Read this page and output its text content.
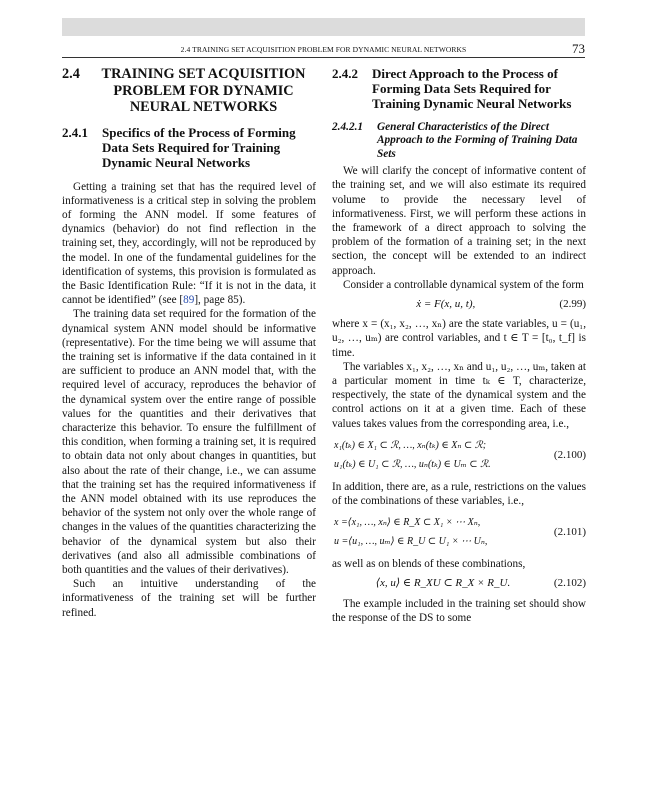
2.4 TRAINING SET ACQUISITION PROBLEM FOR DYNAMIC NEURAL NETWORKS	73
2.4	TRAINING SET ACQUISITION PROBLEM FOR DYNAMIC NEURAL NETWORKS
2.4.1	Specifics of the Process of Forming Data Sets Required for Training Dynamic Neural Networks

Getting a training set that has the required level of informativeness is a critical step in solving the problem of forming the ANN model. If some features of dynamics (behavior) do not find reflection in the training set, they, accordingly, will not be reproduced by the model. In one of the fundamental guidelines for the identification of systems, this provision is formulated as the Basic Identification Rule: “If it is not in the data, it cannot be identified” (see [89], page 85).

The training data set required for the formation of the dynamical system ANN model should be informative (representative). For the time being we will assume that the training set is informative if the data contained in it are sufficient to produce an ANN model that, with the required level of accuracy, reproduces the behavior of the dynamical system over the entire range of possible values for the quantities and their derivatives that characterize this behavior. To ensure the fulfillment of this condition, when forming a training set, it is required to obtain data not only about changes in quantities, but also about the rate of their change, i.e., we can assume that the training set has the required informativeness if the ANN model obtained with its use reproduces the behavior of the system not only over the whole range of changes in the values of the quantities characterizing the behavior of the dynamical system but also their derivatives (and also all admissible combinations of both quantities and the values of their derivatives).

Such an intuitive understanding of the informativeness of the training set will be further refined.

2.4.2	Direct Approach to the Process of Forming Data Sets Required for Training Dynamic Neural Networks
2.4.2.1	General Characteristics of the Direct Approach to the Forming of Training Data Sets

We will clarify the concept of informative content of the training set, and we will also estimate its required volume to provide the necessary level of informativeness. First, we will perform these actions in the framework of a direct approach to solving the problem of the formation of a training set; in the next section, the concept will be extended to an indirect approach.

Consider a controllable dynamical system of the form

ẋ = F(x, u, t),	(2.99)

where x = (x₁, x₂, …, xₙ) are the state variables, u = (u₁, u₂, …, uₘ) are control variables, and t ∈ T = [t₀, t_f] is time.

The variables x₁, x₂, …, xₙ and u₁, u₂, …, uₘ, taken at a particular moment in time tₖ ∈ T, characterize, respectively, the state of the dynamical system and the control actions on it at a given time. Each of these values takes values from the corresponding area, i.e.,

x₁(tₖ) ∈ X₁ ⊂ ℛ, …, xₙ(tₖ) ∈ Xₙ ⊂ ℛ;
u₁(tₖ) ∈ U₁ ⊂ ℛ, …, uₙ(tₖ) ∈ Uₘ ⊂ ℛ.
(2.100)

In addition, there are, as a rule, restrictions on the values of the combinations of these variables, i.e.,

x =⟨x₁, …, xₙ⟩ ∈ R_X ⊂ X₁ × ⋯ Xₙ,
u =⟨u₁, …, uₘ⟩ ∈ R_U ⊂ U₁ × ⋯ Uₙ,
(2.101)

as well as on blends of these combinations,

⟨x, u⟩ ∈ R_XU ⊂ R_X × R_U.	(2.102)

The example included in the training set should show the response of the DS to some
